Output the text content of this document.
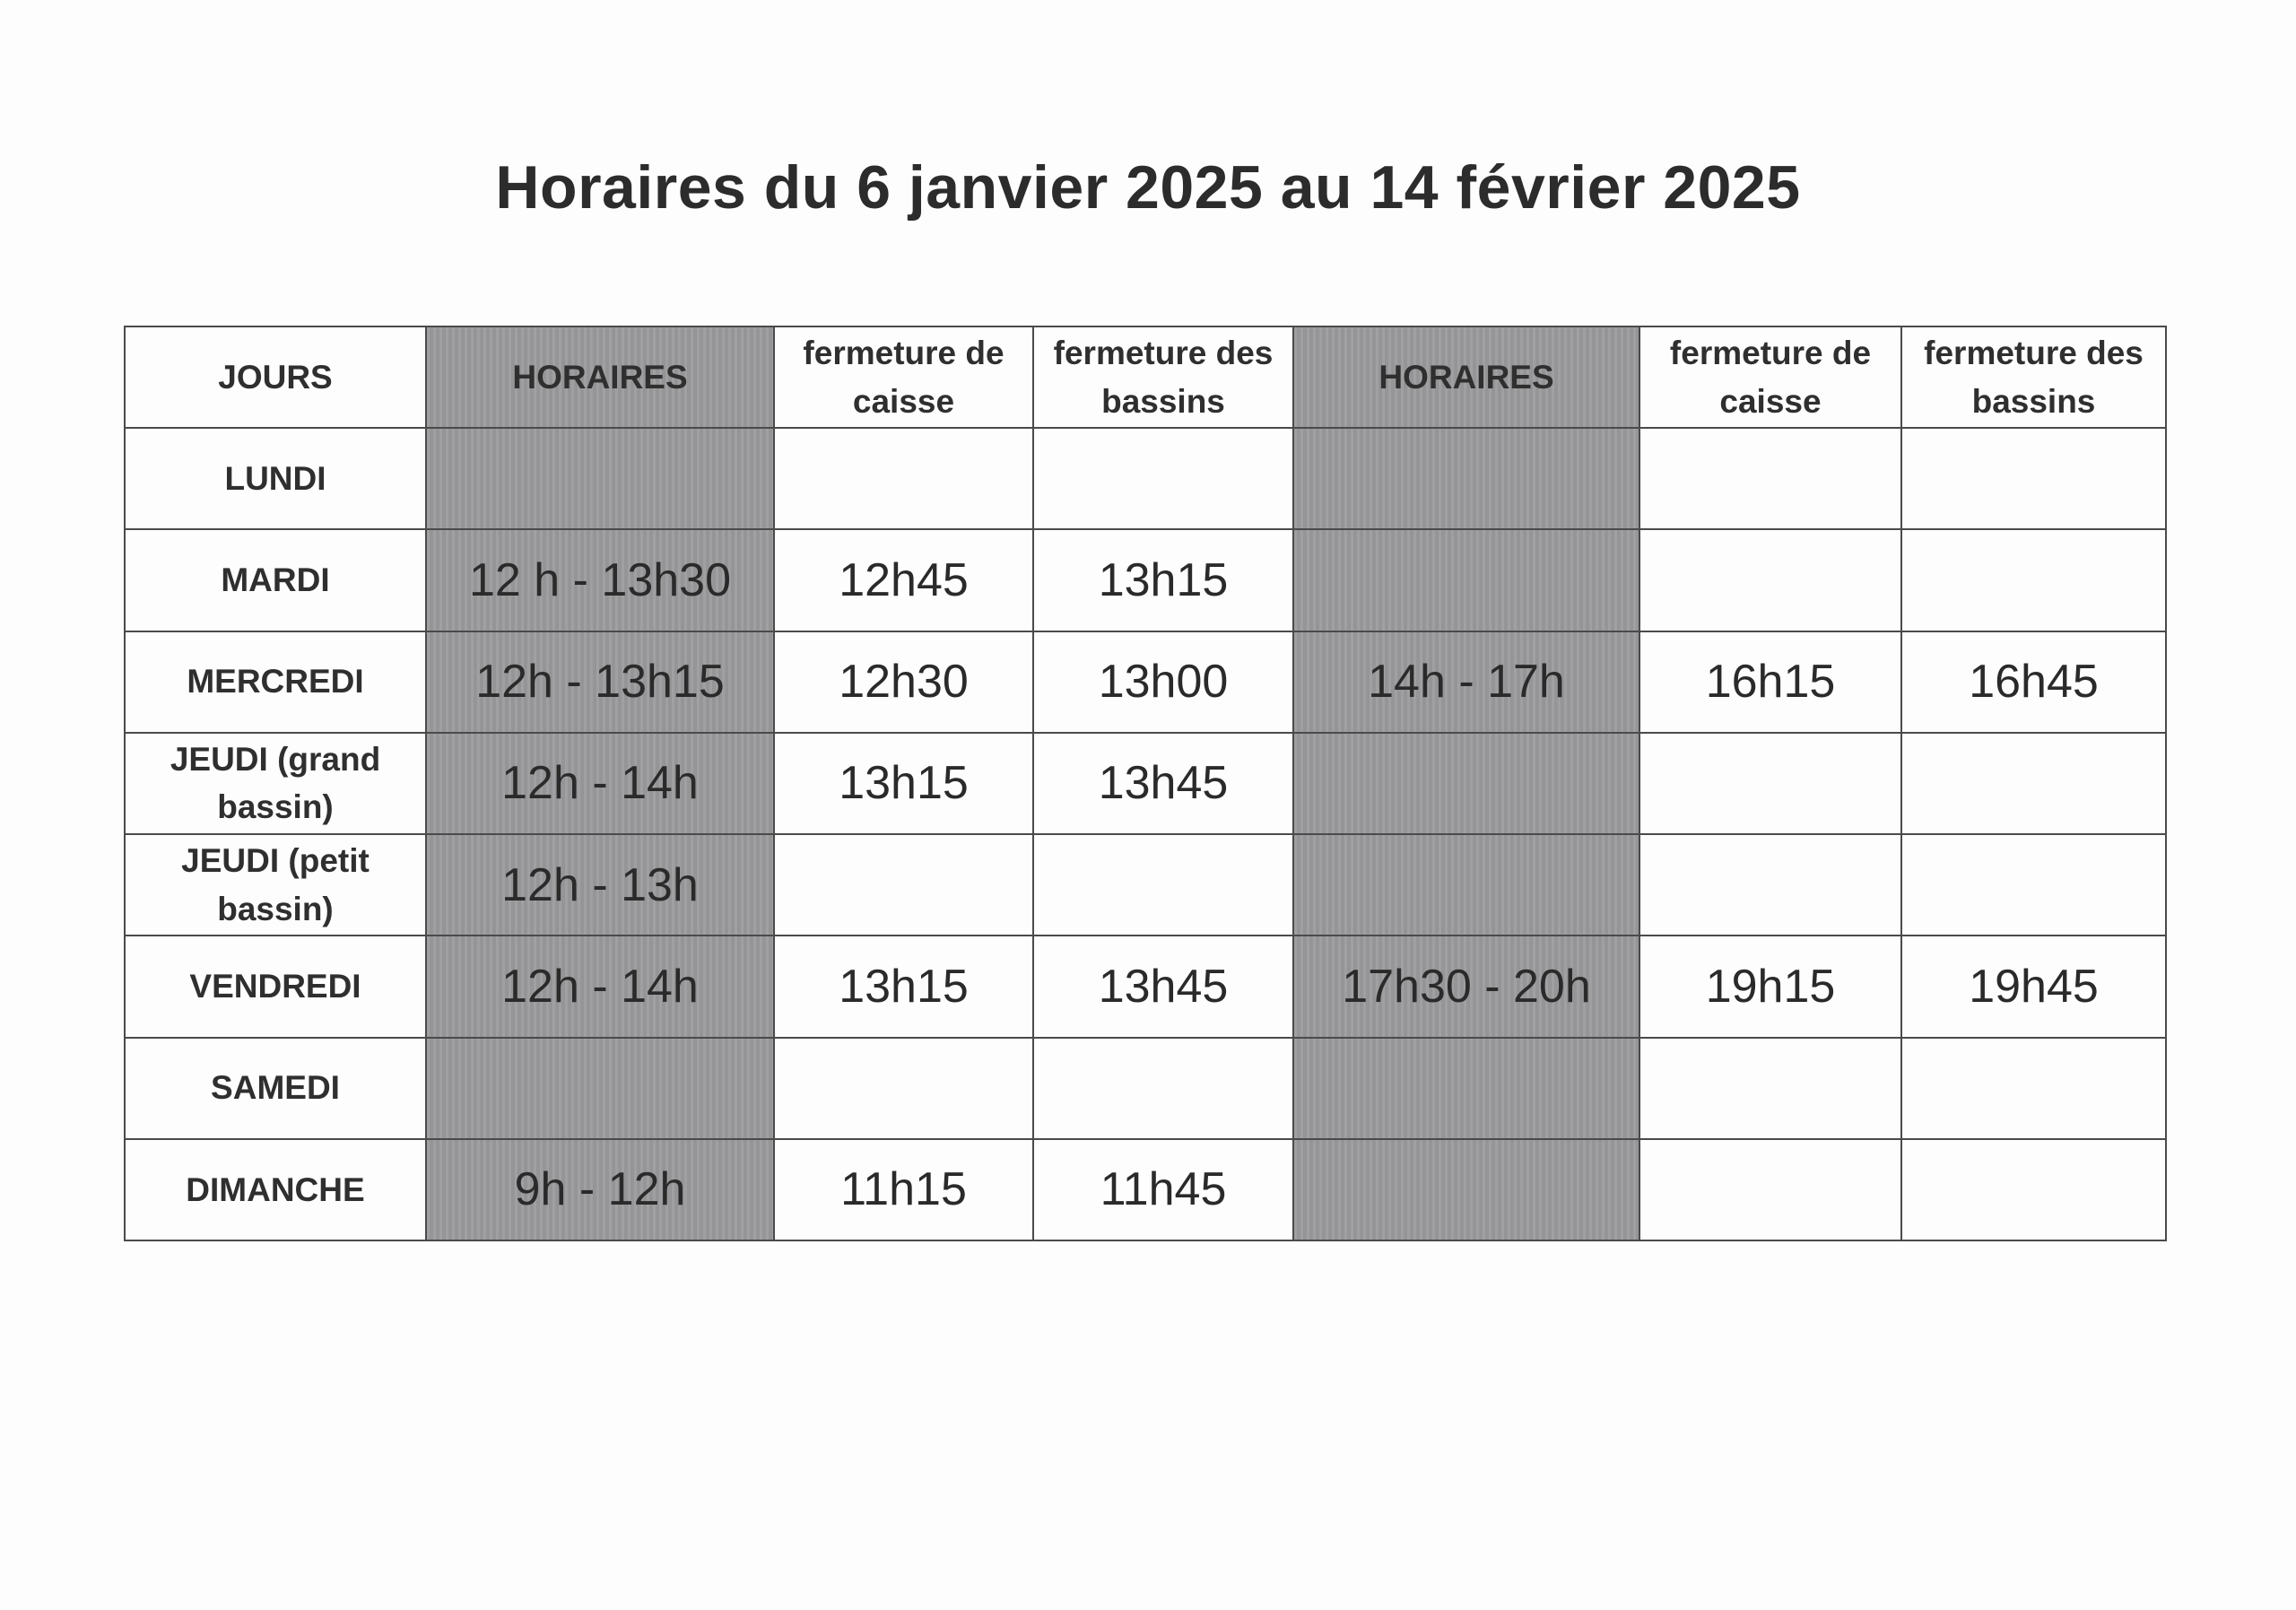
Horaires du 6 janvier 2025 au 14 février 2025
JOURS	HORAIRES	fermeture de caisse	fermeture des bassins	HORAIRES	fermeture de caisse	fermeture des bassins
LUNDI						
MARDI	12 h - 13h30	12h45	13h15			
MERCREDI	12h - 13h15	12h30	13h00	14h - 17h	16h15	16h45
JEUDI (grand bassin)	12h - 14h	13h15	13h45			
JEUDI (petit bassin)	12h - 13h					
VENDREDI	12h - 14h	13h15	13h45	17h30 - 20h	19h15	19h45
SAMEDI						
DIMANCHE	9h - 12h	11h15	11h45			
